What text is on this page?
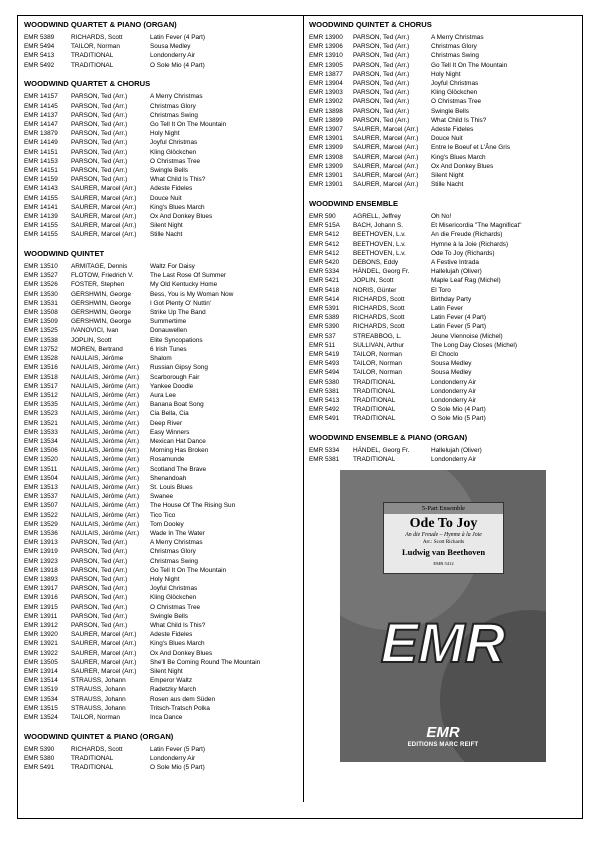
WOODWIND QUARTET & PIANO (ORGAN)
EMR 5389	RICHARDS, Scott	Latin Fever (4 Part)
EMR 5494	TAILOR, Norman	Sousa Medley
EMR 5413	TRADITIONAL	Londonderry Air
EMR 5492	TRADITIONAL	O Sole Mio (4 Part)
WOODWIND QUARTET & CHORUS
EMR 14157	PARSON, Ted (Arr.)	A Merry Christmas
EMR 14145	PARSON, Ted (Arr.)	Christmas Glory
EMR 14137	PARSON, Ted (Arr.)	Christmas Swing
EMR 14147	PARSON, Ted (Arr.)	Go Tell It On The Mountain
EMR 13879	PARSON, Ted (Arr.)	Holy Night
EMR 14149	PARSON, Ted (Arr.)	Joyful Christmas
EMR 14151	PARSON, Ted (Arr.)	Kling Glöckchen
EMR 14153	PARSON, Ted (Arr.)	O Christmas Tree
EMR 14151	PARSON, Ted (Arr.)	Swingle Bells
EMR 14159	PARSON, Ted (Arr.)	What Child Is This?
EMR 14143	SAURER, Marcel (Arr.)	Adeste Fideles
EMR 14155	SAURER, Marcel (Arr.)	Douce Nuit
EMR 14141	SAURER, Marcel (Arr.)	King's Blues March
EMR 14139	SAURER, Marcel (Arr.)	Ox And Donkey Blues
EMR 14155	SAURER, Marcel (Arr.)	Silent Night
EMR 14155	SAURER, Marcel (Arr.)	Stille Nacht
WOODWIND QUINTET
EMR 13510	ARMITAGE, Dennis	Waltz For Daisy
EMR 13527	FLOTOW, Friedrich V.	The Last Rose Of Summer
EMR 13526	FOSTER, Stephen	My Old Kentucky Home
EMR 13530	GERSHWIN, George	Bess, You is My Woman Now
EMR 13531	GERSHWIN, George	I Got Plenty O' Nuttin'
EMR 13508	GERSHWIN, George	Strike Up The Band
EMR 13509	GERSHWIN, George	Summertime
EMR 13525	IVANOVICI, Ivan	Donauwellen
EMR 13538	JOPLIN, Scott	Elite Syncopations
EMR 13752	MOREN, Bertrand	6 Irish Tunes
EMR 13528	NAULAIS, Jérôme	Shalom
EMR 13516	NAULAIS, Jérôme (Arr.)	Russian Gipsy Song
EMR 13518	NAULAIS, Jérôme (Arr.)	Scarborough Fair
EMR 13517	NAULAIS, Jérôme (Arr.)	Yankee Doodle
EMR 13512	NAULAIS, Jérôme (Arr.)	Aura Lee
EMR 13535	NAULAIS, Jérôme (Arr.)	Banana Boat Song
EMR 13523	NAULAIS, Jérôme (Arr.)	Cia Bella, Cia
EMR 13521	NAULAIS, Jérôme (Arr.)	Deep River
EMR 13533	NAULAIS, Jérôme (Arr.)	Easy Winners
EMR 13534	NAULAIS, Jérôme (Arr.)	Mexican Hat Dance
EMR 13506	NAULAIS, Jérôme (Arr.)	Morning Has Broken
EMR 13520	NAULAIS, Jérôme (Arr.)	Rosamunde
EMR 13511	NAULAIS, Jérôme (Arr.)	Scotland The Brave
EMR 13504	NAULAIS, Jérôme (Arr.)	Shenandoah
EMR 13513	NAULAIS, Jérôme (Arr.)	St. Louis Blues
EMR 13537	NAULAIS, Jérôme (Arr.)	Swanee
EMR 13507	NAULAIS, Jérôme (Arr.)	The House Of The Rising Sun
EMR 13522	NAULAIS, Jérôme (Arr.)	Tico Tico
EMR 13529	NAULAIS, Jérôme (Arr.)	Tom Dooley
EMR 13536	NAULAIS, Jérôme (Arr.)	Wade In The Water
EMR 13913	PARSON, Ted (Arr.)	A Merry Christmas
EMR 13919	PARSON, Ted (Arr.)	Christmas Glory
EMR 13923	PARSON, Ted (Arr.)	Christmas Swing
EMR 13918	PARSON, Ted (Arr.)	Go Tell It On The Mountain
EMR 13893	PARSON, Ted (Arr.)	Holy Night
EMR 13917	PARSON, Ted (Arr.)	Joyful Christmas
EMR 13916	PARSON, Ted (Arr.)	Kling Glöckchen
EMR 13915	PARSON, Ted (Arr.)	O Christmas Tree
EMR 13911	PARSON, Ted (Arr.)	Swingle Bells
EMR 13912	PARSON, Ted (Arr.)	What Child Is This?
EMR 13920	SAURER, Marcel (Arr.)	Adeste Fideles
EMR 13921	SAURER, Marcel (Arr.)	King's Blues March
EMR 13922	SAURER, Marcel (Arr.)	Ox And Donkey Blues
EMR 13505	SAURER, Marcel (Arr.)	She'll Be Coming Round The Mountain
EMR 13914	SAURER, Marcel (Arr.)	Silent Night
EMR 13514	STRAUSS, Johann	Emperor Waltz
EMR 13519	STRAUSS, Johann	Radetzky March
EMR 13534	STRAUSS, Johann	Rosen aus dem Süden
EMR 13515	STRAUSS, Johann	Tritsch-Tratsch Polka
EMR 13524	TAILOR, Norman	Inca Dance
WOODWIND QUINTET & PIANO (ORGAN)
EMR 5390	RICHARDS, Scott	Latin Fever (5 Part)
EMR 5380	TRADITIONAL	Londonderry Air
EMR 5491	TRADITIONAL	O Sole Mio (5 Part)
WOODWIND QUINTET & CHORUS
EMR 13900	PARSON, Ted (Arr.)	A Merry Christmas
EMR 13906	PARSON, Ted (Arr.)	Christmas Glory
EMR 13910	PARSON, Ted (Arr.)	Christmas Swing
EMR 13905	PARSON, Ted (Arr.)	Go Tell It On The Mountain
EMR 13877	PARSON, Ted (Arr.)	Holy Night
EMR 13904	PARSON, Ted (Arr.)	Joyful Christmas
EMR 13903	PARSON, Ted (Arr.)	Kling Glöckchen
EMR 13902	PARSON, Ted (Arr.)	O Christmas Tree
EMR 13898	PARSON, Ted (Arr.)	Swingle Bells
EMR 13899	PARSON, Ted (Arr.)	What Child Is This?
EMR 13907	SAURER, Marcel (Arr.)	Adeste Fideles
EMR 13901	SAURER, Marcel (Arr.)	Douce Nuit
EMR 13909	SAURER, Marcel (Arr.)	Entre le Boeuf et L'Âne Gris
EMR 13908	SAURER, Marcel (Arr.)	King's Blues March
EMR 13909	SAURER, Marcel (Arr.)	Ox And Donkey Blues
EMR 13901	SAURER, Marcel (Arr.)	Silent Night
EMR 13901	SAURER, Marcel (Arr.)	Stille Nacht
WOODWIND ENSEMBLE
EMR 590	AGRELL, Jeffrey	Oh No!
EMR 515A	BACH, Johann S.	Et Misericordia "The Magnificat"
EMR 5412	BEETHOVEN, L.v.	An die Freude (Richards)
EMR 5412	BEETHOVEN, L.v.	Hymne à la Joie (Richards)
EMR 5412	BEETHOVEN, L.v.	Ode To Joy (Richards)
EMR 5420	DEBONS, Eddy	A Festive Intrada
EMR 5334	HÄNDEL, Georg Fr.	Hallelujah (Oliver)
EMR 5421	JOPLIN, Scott	Maple Leaf Rag (Michel)
EMR 5418	NORIS, Günter	El Toro
EMR 5414	RICHARDS, Scott	Birthday Party
EMR 5391	RICHARDS, Scott	Latin Fever
EMR 5389	RICHARDS, Scott	Latin Fever (4 Part)
EMR 5390	RICHARDS, Scott	Latin Fever (5 Part)
EMR 537	STREABBOG, L.	Jeune Viennoise (Michel)
EMR 511	SULLIVAN, Arthur	The Long Day Closes (Michel)
EMR 5419	TAILOR, Norman	El Choclo
EMR 5493	TAILOR, Norman	Sousa Medley
EMR 5494	TAILOR, Norman	Sousa Medley
EMR 5380	TRADITIONAL	Londonderry Air
EMR 5381	TRADITIONAL	Londonderry Air
EMR 5413	TRADITIONAL	Londonderry Air
EMR 5492	TRADITIONAL	O Sole Mio (4 Part)
EMR 5491	TRADITIONAL	O Sole Mio (5 Part)
WOODWIND ENSEMBLE & PIANO (ORGAN)
EMR 5334	HÄNDEL, Georg Fr.	Hallelujah (Oliver)
EMR 5381	TRADITIONAL	Londonderry Air
5-Part Ensemble
Ode To Joy
An die Freude – Hymne à la Joie
Arr.: Scott Richards
Ludwig van Beethoven
EMR 5412
EMR
EMR
EDITIONS MARC REIFT
